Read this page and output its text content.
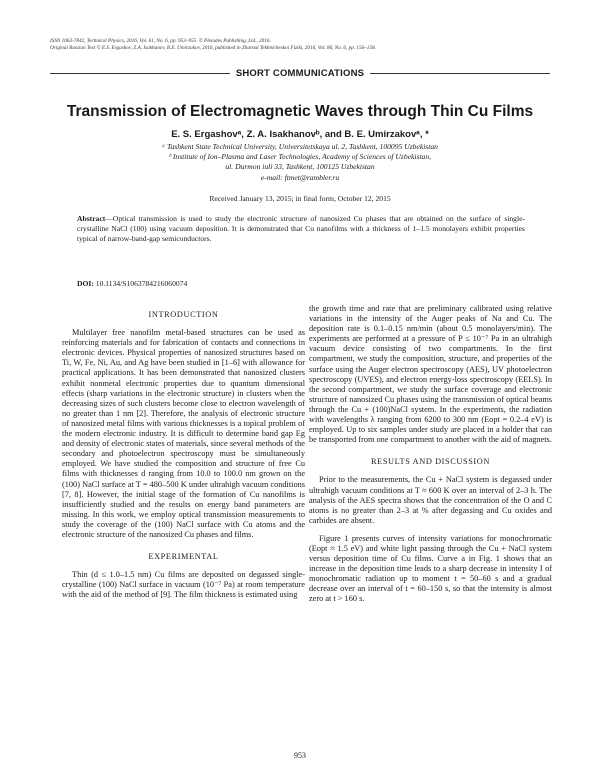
ISSN 1063-7842, Technical Physics, 2016, Vol. 61, No. 6, pp. 953–955. © Pleiades Publishing, Ltd., 2016.
Original Russian Text © E.S. Ergashov, Z.A. Isakhanov, B.E. Umirzakov, 2016, published in Zhurnal Tekhnicheskoi Fiziki, 2016, Vol. 86, No. 6, pp. 156–158.
SHORT COMMUNICATIONS
Transmission of Electromagnetic Waves through Thin Cu Films
E. S. Ergashovᵃ, Z. A. Isakhanovᵇ, and B. E. Umirzakovᵃ, *
ᵃ Tashkent State Technical University, Universitetskaya ul. 2, Tashkent, 100095 Uzbekistan
ᵇ Institute of Ion–Plasma and Laser Technologies, Academy of Sciences of Uzbekistan,
ul. Durmon iuli 33, Tashkent, 100125 Uzbekistan
e-mail: ftmet@rambler.ru
Received January 13, 2015; in final form, October 12, 2015
Abstract—Optical transmission is used to study the electronic structure of nanosized Cu phases that are obtained on the surface of single-crystalline NaCl (100) using vacuum deposition. It is demonstrated that Cu nanofilms with a thickness of 1–1.5 monolayers exhibit properties typical of narrow-band-gap semiconductors.
DOI: 10.1134/S1063784216060074
INTRODUCTION

Multilayer free nanofilm metal-based structures can be used as reinforcing materials and for fabrication of contacts and connections in electronic devices. Physical properties of nanosized structures based on Ti, W, Fe, Ni, Au, and Ag have been studied in [1–6] with allowance for practical applications. It has been demonstrated that nanosized clusters exhibit nonmetal electronic properties due to quantum dimensional effects (sharp variations in the electronic structure) in clusters when the decreasing sizes of such clusters become close to electron wavelength of no greater than 1 nm [2]. Therefore, the analysis of electronic structure of nanosized metal films with various thicknesses is a topical problem of the modern electronic industry. It is difficult to determine band gap Eg and density of electronic states of materials, since several methods of the secondary and photoelectron spectroscopy must be simultaneously employed. We have studied the composition and structure of free Cu films with thicknesses d ranging from 10.0 to 100.0 nm grown on the (100) NaCl surface at T = 480–500 K under ultrahigh vacuum conditions [7, 8]. However, the initial stage of the formation of Cu nanofilms is insufficiently studied and the results on energy band parameters are missing. In this work, we employ optical transmission measurements to study the coverage of the (100) NaCl surface with Cu atoms and the electronic structure of the nanosized Cu phases and films.

EXPERIMENTAL

Thin (d ≤ 1.0–1.5 nm) Cu films are deposited on degassed single-crystalline (100) NaCl surface in vacuum (10⁻⁷ Pa) at room temperature with the aid of the method of [9]. The film thickness is estimated using

the growth time and rate that are preliminary calibrated using relative variations in the intensity of the Auger peaks of Na and Cu. The deposition rate is 0.1–0.15 nm/min (about 0.5 monolayers/min). The experiments are performed at a pressure of P ≤ 10⁻⁷ Pa in an ultrahigh vacuum device consisting of two compartments. In the first compartment, we study the composition, structure, and properties of the surface using the Auger electron spectroscopy (AES), UV photoelectron spectroscopy (UVES), and electron energy-loss spectroscopy (EELS). In the second compartment, we study the surface coverage and electronic structure of nanosized Cu phases using the transmission of optical beams through the Cu + (100)NaCl system. In the experiments, the radiation with wavelengths λ ranging from 6200 to 300 nm (Eopt = 0.2–4 eV) is employed. Up to six samples under study are placed in a holder that can be transported from one compartment to another with the aid of magnets.

RESULTS AND DISCUSSION

Prior to the measurements, the Cu + NaCl system is degassed under ultrahigh vacuum conditions at T ≈ 600 K over an interval of 2–3 h. The analysis of the AES spectra shows that the concentration of the O and C atoms is no greater than 2–3 at % after degassing and Cu oxides and carbides are absent.

Figure 1 presents curves of intensity variations for monochromatic (Eopt ≈ 1.5 eV) and white light passing through the Cu + NaCl system versus deposition time of Cu films. Curve a in Fig. 1 shows that an increase in the deposition time leads to a sharp decrease in intensity I of monochromatic radiation up to moment t = 50–60 s and a gradual decrease over an interval of t = 60–150 s, so that the intensity is almost zero at t > 160 s.

953
